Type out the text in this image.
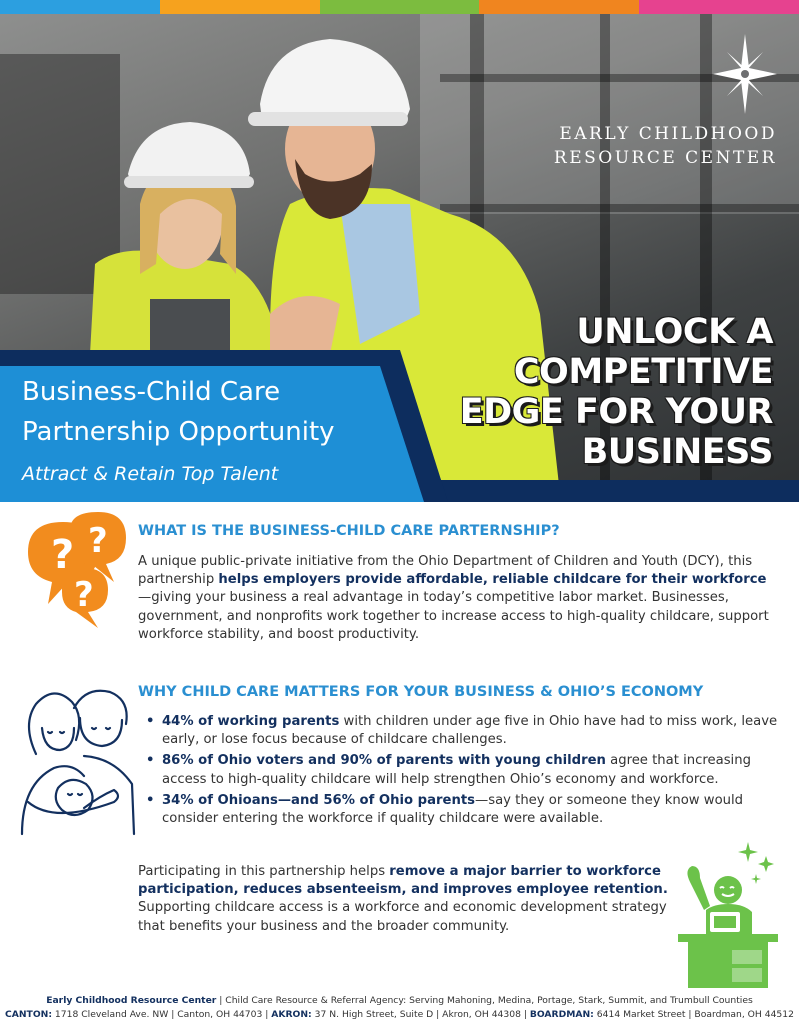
EARLY CHILDHOOD
RESOURCE CENTER
UNLOCK A
COMPETITIVE
EDGE FOR YOUR
BUSINESS
Business-Child Care
Partnership Opportunity
Attract & Retain Top Talent
? ?
?
WHAT IS THE BUSINESS-CHILD CARE PARTERNSHIP?
A unique public-private initiative from the Ohio Department of Children and Youth (DCY), this partnership helps employers provide affordable, reliable childcare for their workforce—giving your business a real advantage in today’s competitive labor market. Businesses, government, and nonprofits work together to increase access to high-quality childcare, support workforce stability, and boost productivity.
WHY CHILD CARE MATTERS FOR YOUR BUSINESS & OHIO’S ECONOMY
• 44% of working parents with children under age five in Ohio have had to miss work, leave early, or lose focus because of childcare challenges.
• 86% of Ohio voters and 90% of parents with young children agree that increasing access to high-quality childcare will help strengthen Ohio’s economy and workforce.
• 34% of Ohioans—and 56% of Ohio parents—say they or someone they know would consider entering the workforce if quality childcare were available.
Participating in this partnership helps remove a major barrier to workforce participation, reduces absenteeism, and improves employee retention. Supporting childcare access is a workforce and economic development strategy that benefits your business and the broader community.
Early Childhood Resource Center | Child Care Resource & Referral Agency: Serving Mahoning, Medina, Portage, Stark, Summit, and Trumbull Counties
CANTON: 1718 Cleveland Ave. NW | Canton, OH 44703 | AKRON: 37 N. High Street, Suite D | Akron, OH 44308 | BOARDMAN: 6414 Market Street | Boardman, OH 44512
